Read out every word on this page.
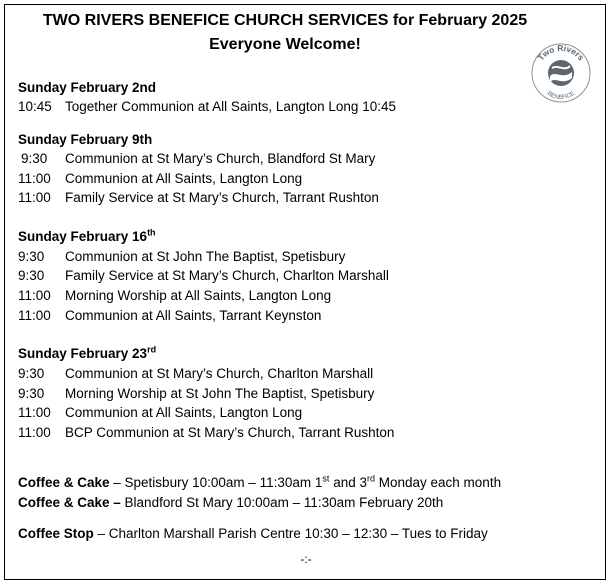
TWO RIVERS BENEFICE CHURCH SERVICES for February 2025
Everyone Welcome!
Two Rivers
BENEFICE
Sunday February 2nd
10:45 Together Communion at All Saints, Langton Long 10:45
Sunday February 9th
9:30 Communion at St Mary’s Church, Blandford St Mary
11:00 Communion at All Saints, Langton Long
11:00 Family Service at St Mary’s Church, Tarrant Rushton
Sunday February 16th
9:30 Communion at St John The Baptist, Spetisbury
9:30 Family Service at St Mary’s Church, Charlton Marshall
11:00 Morning Worship at All Saints, Langton Long
11:00 Communion at All Saints, Tarrant Keynston
Sunday February 23rd
9:30 Communion at St Mary’s Church, Charlton Marshall
9:30 Morning Worship at St John The Baptist, Spetisbury
11:00 Communion at All Saints, Langton Long
11:00 BCP Communion at St Mary’s Church, Tarrant Rushton
Coffee & Cake – Spetisbury 10:00am – 11:30am 1st and 3rd Monday each month
Coffee & Cake – Blandford St Mary 10:00am – 11:30am February 20th
Coffee Stop – Charlton Marshall Parish Centre 10:30 – 12:30 – Tues to Friday
-:-
